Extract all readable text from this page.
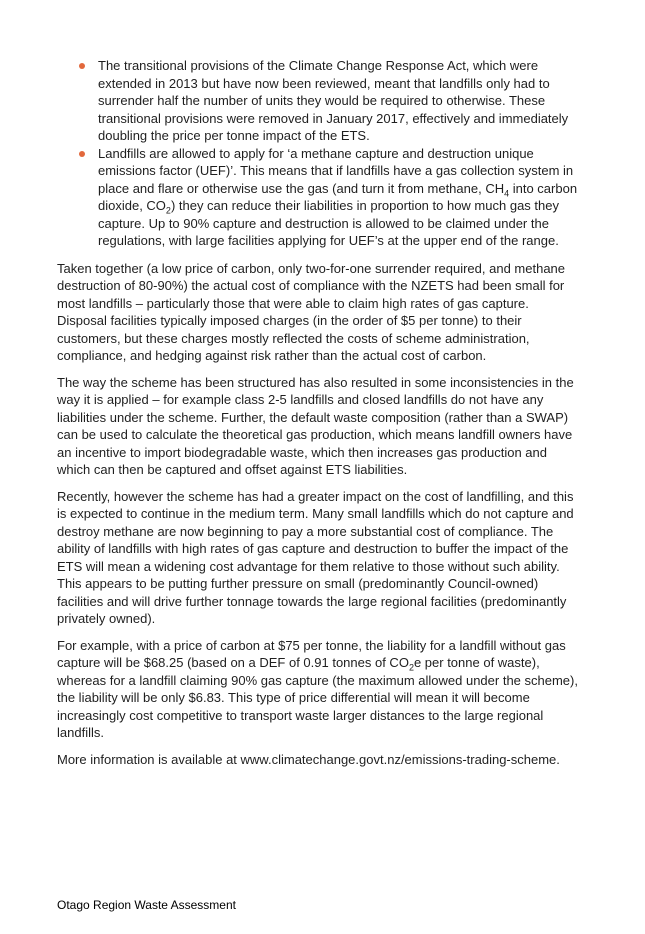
The transitional provisions of the Climate Change Response Act, which were extended in 2013 but have now been reviewed, meant that landfills only had to surrender half the number of units they would be required to otherwise. These transitional provisions were removed in January 2017, effectively and immediately doubling the price per tonne impact of the ETS.
Landfills are allowed to apply for ‘a methane capture and destruction unique emissions factor (UEF)’. This means that if landfills have a gas collection system in place and flare or otherwise use the gas (and turn it from methane, $CH_4$ into carbon dioxide, $CO_2$) they can reduce their liabilities in proportion to how much gas they capture. Up to 90% capture and destruction is allowed to be claimed under the regulations, with large facilities applying for UEF’s at the upper end of the range.

Taken together (a low price of carbon, only two-for-one surrender required, and methane destruction of 80-90%) the actual cost of compliance with the NZETS had been small for most landfills – particularly those that were able to claim high rates of gas capture. Disposal facilities typically imposed charges (in the order of $5 per tonne) to their customers, but these charges mostly reflected the costs of scheme administration, compliance, and hedging against risk rather than the actual cost of carbon.

The way the scheme has been structured has also resulted in some inconsistencies in the way it is applied – for example class 2-5 landfills and closed landfills do not have any liabilities under the scheme. Further, the default waste composition (rather than a SWAP) can be used to calculate the theoretical gas production, which means landfill owners have an incentive to import biodegradable waste, which then increases gas production and which can then be captured and offset against ETS liabilities.

Recently, however the scheme has had a greater impact on the cost of landfilling, and this is expected to continue in the medium term. Many small landfills which do not capture and destroy methane are now beginning to pay a more substantial cost of compliance. The ability of landfills with high rates of gas capture and destruction to buffer the impact of the ETS will mean a widening cost advantage for them relative to those without such ability. This appears to be putting further pressure on small (predominantly Council-owned) facilities and will drive further tonnage towards the large regional facilities (predominantly privately owned).

For example, with a price of carbon at $75 per tonne, the liability for a landfill without gas capture will be $68.25 (based on a DEF of 0.91 tonnes of $CO_2e$ per tonne of waste), whereas for a landfill claiming 90% gas capture (the maximum allowed under the scheme), the liability will be only $6.83. This type of price differential will mean it will become increasingly cost competitive to transport waste larger distances to the large regional landfills.

More information is available at www.climatechange.govt.nz/emissions-trading-scheme.

Otago Region Waste Assessment
